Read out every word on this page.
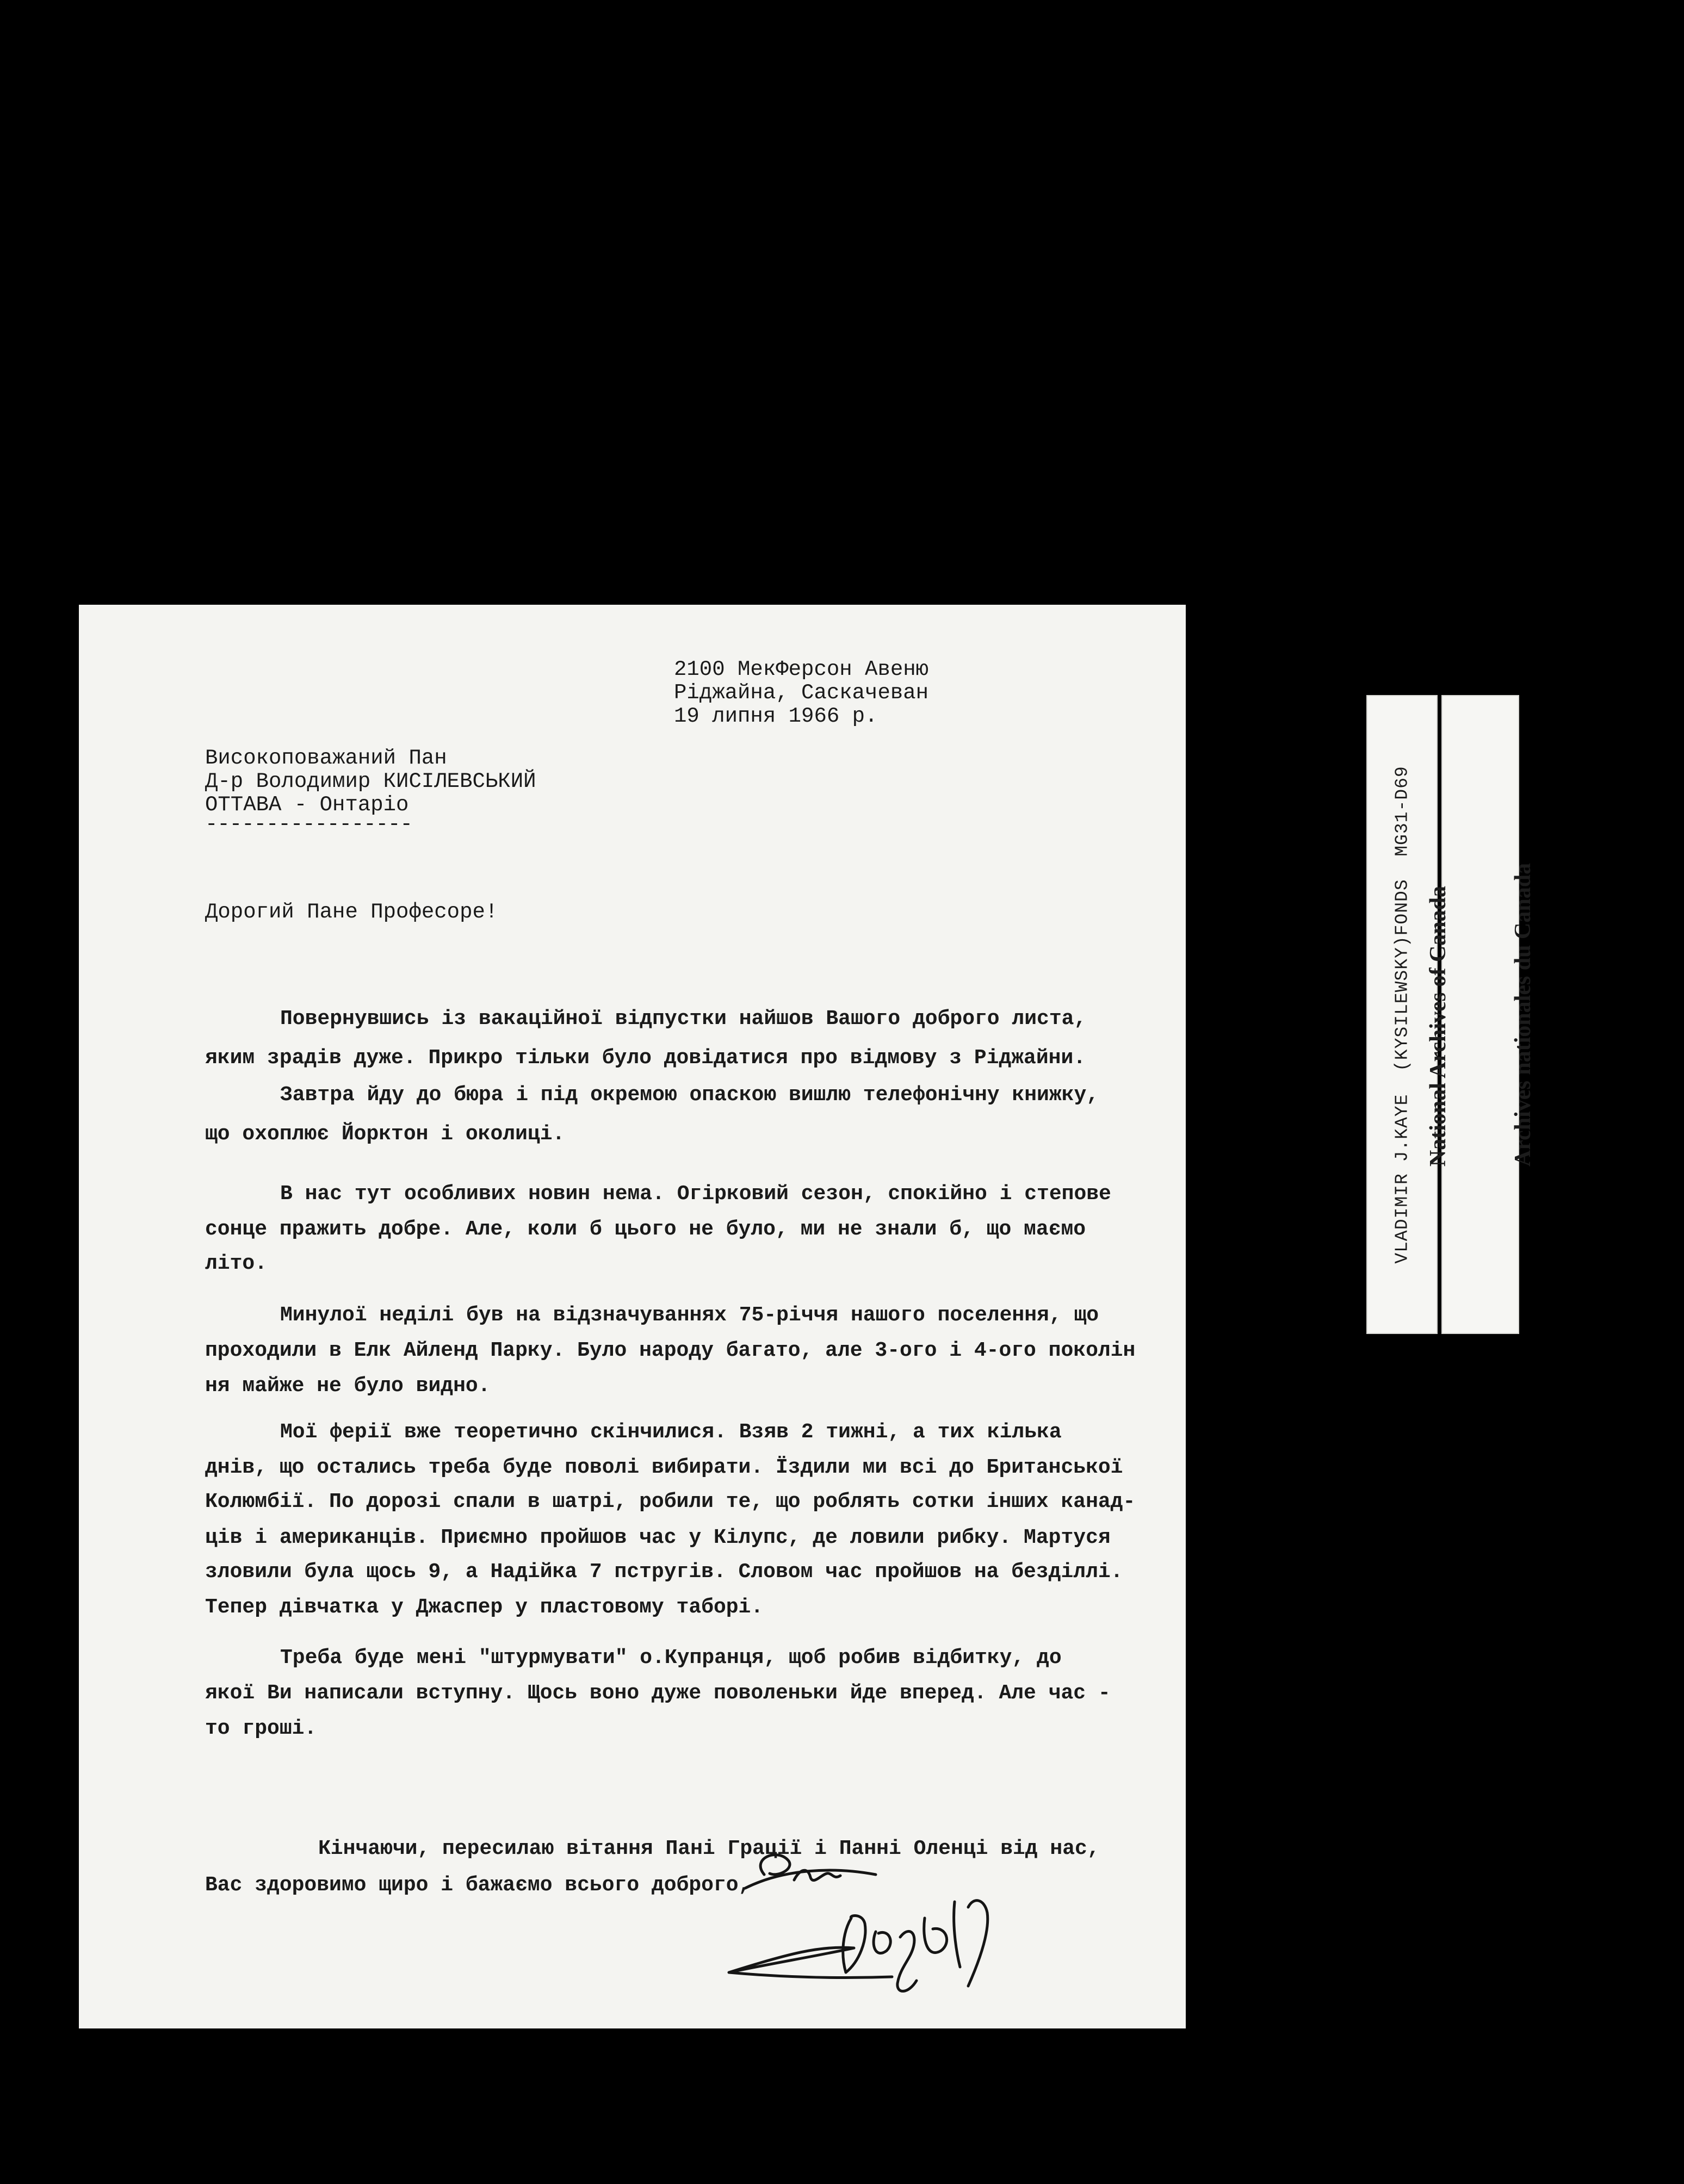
2100 МекФерсон Авеню
Ріджайна, Саскачеван
19 липня 1966 р.
Високоповажаний Пан
Д-р Володимир КИСІЛЕВСЬКИЙ
ОТТАВА - Онтаріо
-----------------
Дорогий Пане Професоре!
Повернувшись із вакаційної відпустки найшов Вашого доброго листа,
яким зрадів дуже. Прикро тільки було довідатися про відмову з Ріджайни.
Завтра йду до бюра і під окремою опаскою вишлю телефонічну книжку,
що охоплює Йорктон і околиці.
В нас тут особливих новин нема. Огірковий сезон, спокійно і степове
сонце пражить добре. Але, коли б цього не було, ми не знали б, що маємо
літо.
Минулої неділі був на відзначуваннях 75-річчя нашого поселення, що
проходили в Елк Айленд Парку. Було народу багато, але 3-ого і 4-ого поколін
ня майже не було видно.
Мої ферії вже теоретично скінчилися. Взяв 2 тижні, а тих кілька
днів, що остались треба буде поволі вибирати. Їздили ми всі до Британської
Колюмбії. По дорозі спали в шатрі, робили те, що роблять сотки інших канад-
ців і американців. Приємно пройшов час у Кілупс, де ловили рибку. Мартуся
зловили була щось 9, а Надійка 7 пстругів. Словом час пройшов на безділлі.
Тепер дівчатка у Джаспер у пластовому таборі.
Треба буде мені "штурмувати" о.Купранця, щоб робив відбитку, до
якої Ви написали вступну. Щось воно дуже поволеньки йде вперед. Але час -
то гроші.
Кінчаючи, пересилаю вітання Пані Грації і Панні Оленці від нас,
Вас здоровимо щиро і бажаємо всього доброго,
VLADIMIR J.KAYE  (KYSILEWSKY)FONDS  MG31-D69

National Archives of Canada

	Archives nationales du Canada
